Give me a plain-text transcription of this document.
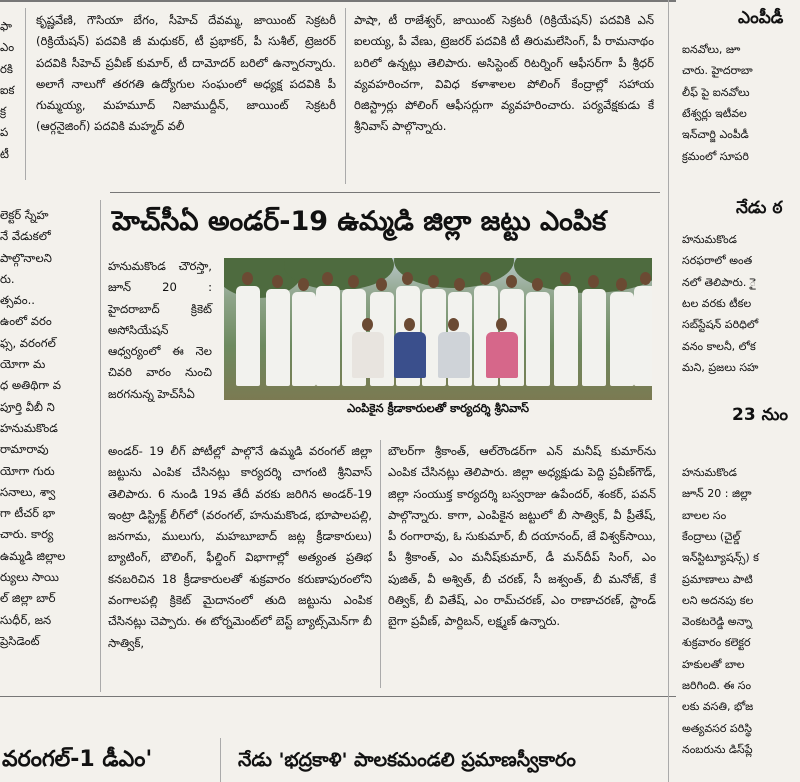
ఫా
ఎం
రకి
ఐక
క్ర
ప
టీ

కృష్ణవేణి, గౌసియా బేగం, సీహెచ్ దేవమ్మ, జాయింట్ సెక్రటరీ (రిక్రియేషన్) పదవికి జీ మధుకర్, టీ ప్రభాకర్, పీ సుశీల్, ట్రెజరర్ పదవికి సీహెచ్ ప్రవీణ్ కుమార్, టీ దామోదర్ బరిలో ఉన్నారన్నారు. అలాగే నాలుగో తరగతి ఉద్యోగుల సంఘంలో అధ్యక్ష పదవికి పీ గుమ్మయ్య, మహమూద్ నిజాముద్దీన్, జాయింట్ సెక్రటరీ (ఆర్గనైజింగ్) పదవికి మహ్మద్ వలీ

పాషా, టీ రాజేశ్వర్, జాయింట్ సెక్రటరీ (రిక్రియేషన్) పదవికి ఎన్ ఐలయ్య, పీ వేణు, ట్రెజరర్ పదవికి టీ తిరుమలేసింగ్, పీ రామనాథం బరిలో ఉన్నట్లు తెలిపారు. అసిస్టెంట్ రిటర్నింగ్ ఆఫీసర్‌గా పీ శ్రీధర్ వ్యవహరించగా, వివిధ కళాశాలల పోలింగ్ కేంద్రాల్లో సహాయ రిజిస్ట్రార్లు పోలింగ్ ఆఫీసర్లుగా వ్యవహరించారు. పర్యవేక్షకుడు కే శ్రీనివాస్ పాల్గొన్నారు.

లెక్టర్ స్నేహ
నే వేడుకలో
పాల్గొనాలని
రు.
త్సవం..
ఉంలో వరం
ఫ్స, వరంగల్
యోగా మ
ధ అతిథిగా వ
పూర్తి వీబీ ని
హనుమకొండ
రామారావు
యోగా గురు
సనాలు, శ్వా
గా టీచర్ భా
చారు. కార్య
ఉమ్మడి జిల్లాల
ర్యులు సాయి
ల్ జిల్లా బార్
సుధీర్, జన
ప్రెసిడెంట్
హెచ్‌సీఏ అండర్-19 ఉమ్మడి జిల్లా జట్టు ఎంపిక

హనుమకొండ చౌరస్తా, జూన్ 20 : హైదరాబాద్ క్రికెట్ అసోసియేషన్ ఆధ్వర్యంలో ఈ నెల చివరి వారం నుంచి జరగనున్న హెచ్‌సీఏ

ఎంపికైన క్రీడాకారులతో కార్యదర్శి శ్రీనివాస్

అండర్- 19 లీగ్ పోటీల్లో పాల్గొనే ఉమ్మడి వరంగల్ జిల్లా జట్టును ఎంపిక చేసినట్లు కార్యదర్శి చాగంటి శ్రీనివాస్ తెలిపారు. 6 నుండి 19వ తేదీ వరకు జరిగిన అండర్-19 ఇంట్రా డిస్ట్రిక్ట్ లీగ్‌లో (వరంగల్, హనుమకొండ, భూపాలపల్లి, జనగామ, ములుగు, మహబూబాద్ జట్ల క్రీడాకారులు) బ్యాటింగ్, బౌలింగ్, ఫీల్డింగ్ విభాగాల్లో అత్యంత ప్రతిభ కనబరిచిన 18 క్రీడాకారులతో శుక్రవారం కరుణాపురంలోని వంగాలపల్లి క్రికెట్ మైదానంలో తుది జట్టును ఎంపిక చేసినట్లు చెప్పారు. ఈ టోర్నమెంట్‌లో బెస్ట్ బ్యాట్స్‌మెన్‌గా బీ సాత్విక్,

బౌలర్‌గా శ్రీకాంత్, ఆల్‌రౌండర్‌గా ఎన్ మనీష్ కుమార్‌ను ఎంపిక చేసినట్లు తెలిపారు. జిల్లా అధ్యక్షుడు పెద్ది ప్రవీణ్‌గౌడ్, జిల్లా సంయుక్త కార్యదర్శి బస్వరాజు ఉపేందర్, శంకర్, పవన్ పాల్గొన్నారు. కాగా, ఎంపికైన జట్టులో బీ సాత్విక్, వీ ప్రీతేష్, పీ రంగారావు, ఓ సుకుమార్, బీ దయానంద్, జే విశ్వక్‌సాయి, పీ శ్రీకాంత్, ఎం మనీష్‌కుమార్, డీ మన్‌దీప్ సింగ్, ఎం పుజిత్, వీ అశ్విత్, బీ చరణ్, సీ జశ్వంత్, బీ మనోజ్, కే రిత్విక్, బీ వితేష్, ఎం రామ్‌చరణ్, ఎం రాణాచరణ్, స్టాండ్ బైగా ప్రవీణ్, పార్దిబన్, లక్ష్మణ్ ఉన్నారు.

వరంగల్-1 డీఎం'	నేడు 'భద్రకాళి' పాలకమండలి ప్రమాణస్వీకారం
ఎంపీడీ
ఐనవోలు, జూ
చారు. హైదరాబా
లీఫ్ పై ఐనవోలు
టేశ్వర్లు ఇటీవల
ఇన్‌చార్జి ఎంపీడీ
క్రమంలో సూపరి
నేడు ఠ
హనుమకొండ
సరఫరాలో అంత
నలో తెలిపారు. ై
టల వరకు టీకల
సబ్‌స్టేషన్ పరిధిలో
వనం కాలనీ, లోక
మని, ప్రజలు సహ
23 నుం
హనుమకొండ
జూన్ 20 : జిల్లా
బాలల సం
కేంద్రాలు (చైల్డ్
ఇన్‌స్టిట్యూషన్స్) క
ప్రమాణాలు పాటి
లని అదనపు కల
వెంకటరెడ్డి అన్నా
శుక్రవారం కలెక్టర
హకులతో బాల
జరిగింది. ఈ సం
లకు వసతి, భోజ
అత్యవసర పరిస్థి
నంబరును డిస్‌ప్లే
